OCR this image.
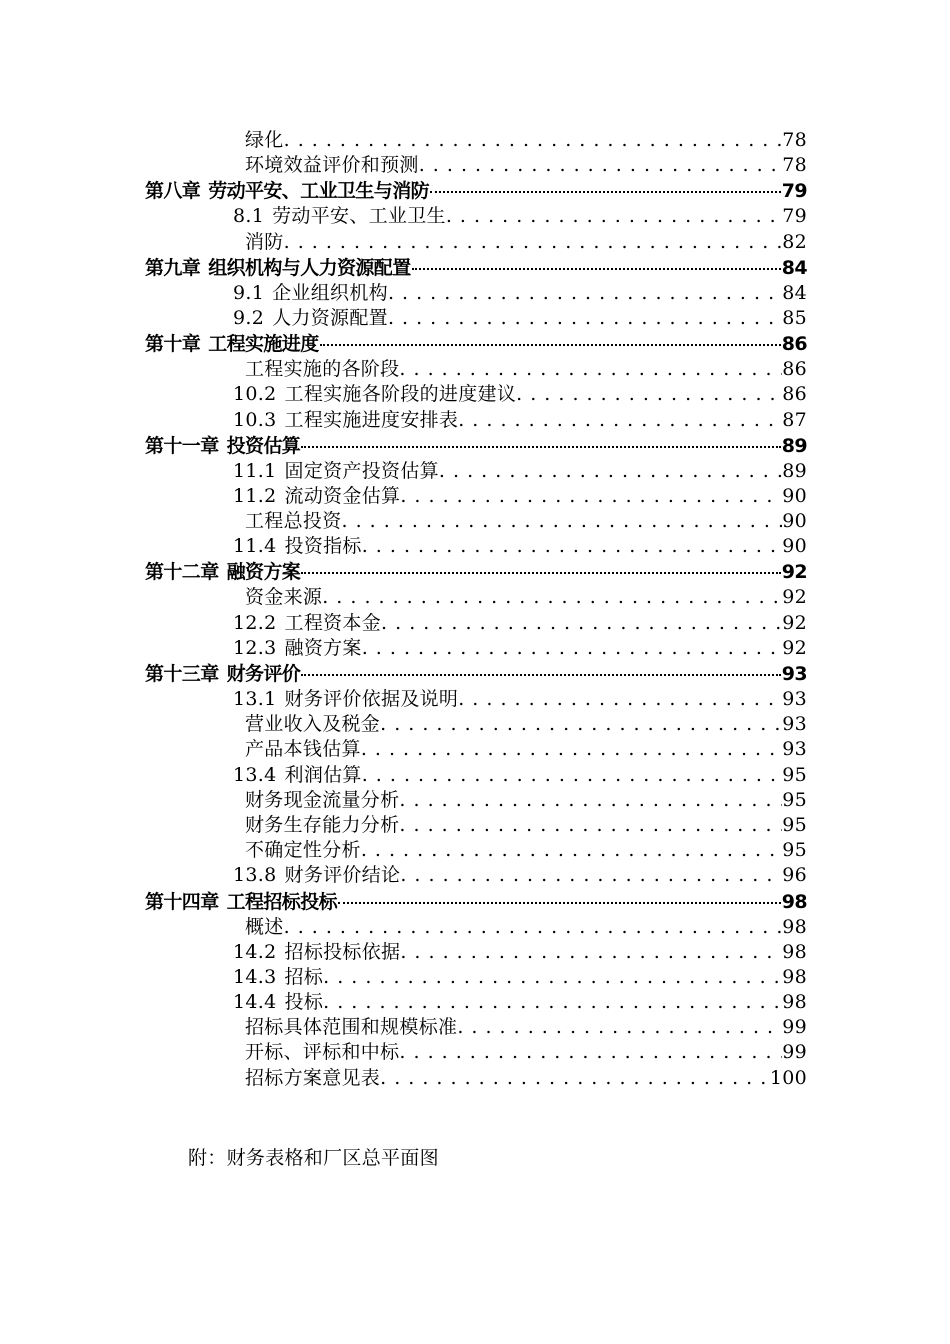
绿化 . . .	78
环境效益评价和预测 . . .	78
第八章 劳动平安、工业卫生与消防	79
8.1 劳动平安、工业卫生 . . .	79
消防 . . .	82
第九章 组织机构与人力资源配置	84
9.1 企业组织机构 . . .	84
9.2 人力资源配置 . . .	85
第十章 工程实施进度	86
工程实施的各阶段 . . .	86
10.2 工程实施各阶段的进度建议 . . .	86
10.3 工程实施进度安排表 . . .	87
第十一章 投资估算	89
11.1 固定资产投资估算 . . .	89
11.2 流动资金估算 . . .	90
工程总投资 . . .	90
11.4 投资指标 . . .	90
第十二章 融资方案	92
资金来源 . . .	92
12.2 工程资本金 . . .	92
12.3 融资方案 . . .	92
第十三章 财务评价	93
13.1 财务评价依据及说明 . . .	93
营业收入及税金 . . .	93
产品本钱估算 . . .	93
13.4 利润估算 . . .	95
财务现金流量分析 . . .	95
财务生存能力分析 . . .	95
不确定性分析 . . .	95
13.8 财务评价结论 . . .	96
第十四章 工程招标投标	98
概述 . . .	98
14.2 招标投标依据 . . .	98
14.3 招标 . . .	98
14.4 投标 . . .	98
招标具体范围和规模标准 . . .	99
开标、评标和中标 . . .	99
招标方案意见表 . . .	100
附：财务表格和厂区总平面图
